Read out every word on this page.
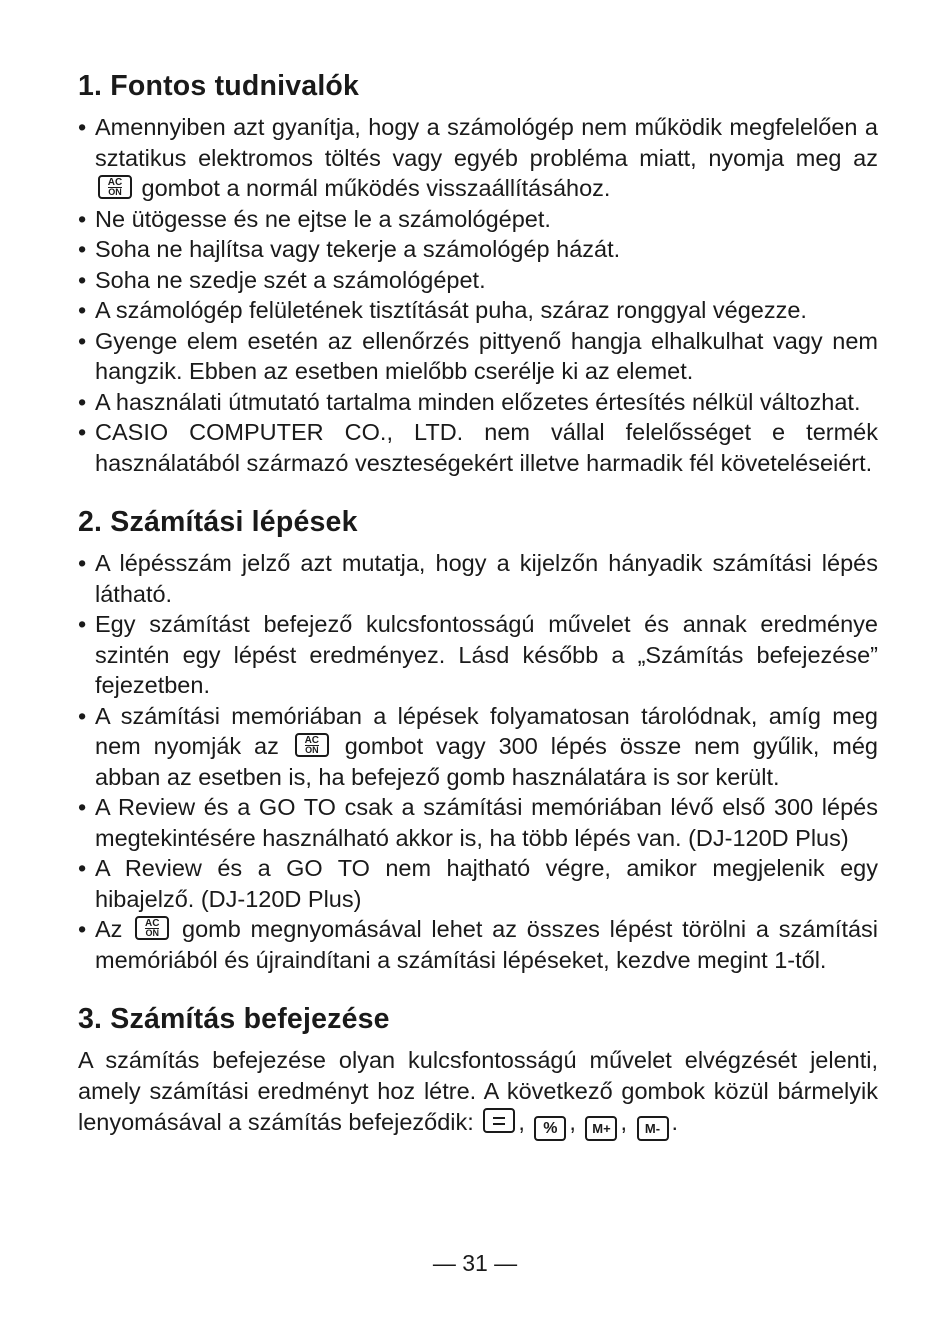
1. Fontos tudnivalók
• Amennyiben azt gyanítja, hogy a számológép nem működik megfelelően a sztatikus elektromos töltés vagy egyéb probléma miatt, nyomja meg az
$\frac{AC}{ON}$ gombot a normál működés visszaállításához.
• Ne ütögesse és ne ejtse le a számológépet.
• Soha ne hajlítsa vagy tekerje a számológép házát.
• Soha ne szedje szét a számológépet.
• A számológép felületének tisztítását puha, száraz ronggyal végezze.
• Gyenge elem esetén az ellenőrzés pittyenő hangja elhalkulhat vagy nem hangzik. Ebben az esetben mielőbb cserélje ki az elemet.
• A használati útmutató tartalma minden előzetes értesítés nélkül változhat.
• CASIO COMPUTER CO., LTD. nem vállal felelősséget e termék használatából származó veszteségekért illetve harmadik fél követeléseiért.
2. Számítási lépések
• A lépésszám jelző azt mutatja, hogy a kijelzőn hányadik számítási lépés látható.
• Egy számítást befejező kulcsfontosságú művelet és annak eredménye szintén egy lépést eredményez. Lásd később a „Számítás befejezése” fejezetben.
• A számítási memóriában a lépések folyamatosan tárolódnak, amíg meg nem nyomják az $\frac{AC}{ON}$ gombot vagy 300 lépés össze nem gyűlik, még abban az esetben is, ha befejező gomb használatára is sor került.
• A Review és a GO TO csak a számítási memóriában lévő első 300 lépés megtekintésére használható akkor is, ha több lépés van. (DJ-120D Plus)
• A Review és a GO TO nem hajtható végre, amikor megjelenik egy hibajelző. (DJ-120D Plus)
• Az $\frac{AC}{ON}$ gomb megnyomásával lehet az összes lépést törölni a számítási memóriából és újraindítani a számítási lépéseket, kezdve megint 1-től.
3. Számítás befejezése

A számítás befejezése olyan kulcsfontosságú művelet elvégzését jelenti, amely számítási eredményt hoz létre. A következő gombok közül bármelyik lenyomásával a számítás befejeződik: , % , M+ , M- .

— 31 —
